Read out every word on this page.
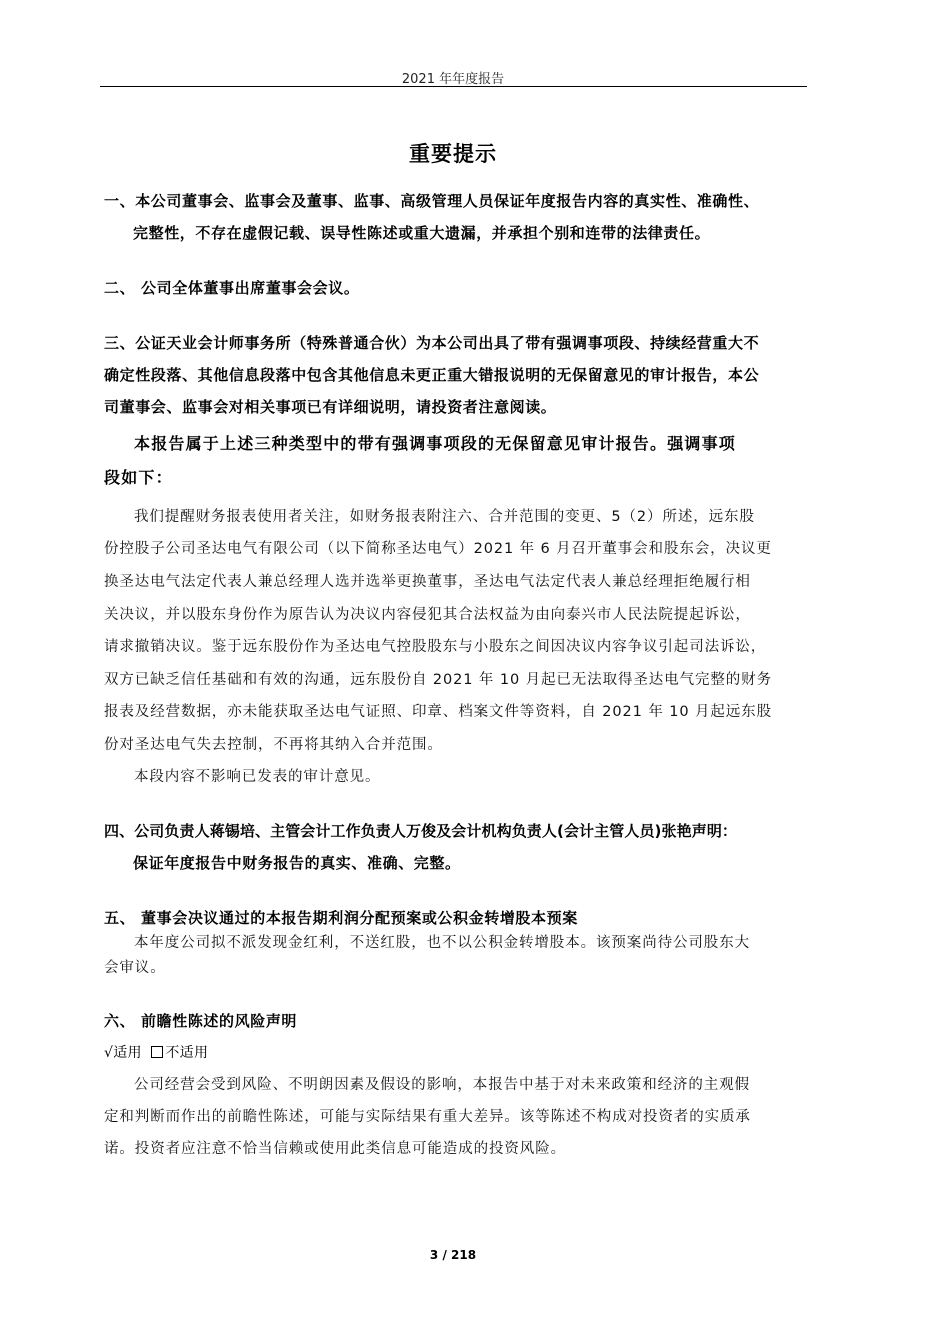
2021 年年度报告
重要提示
一、本公司董事会、监事会及董事、监事、高级管理人员保证年度报告内容的真实性、准确性、
完整性，不存在虚假记载、误导性陈述或重大遗漏，并承担个别和连带的法律责任。
二、 公司全体董事出席董事会会议。
三、公证天业会计师事务所（特殊普通合伙）为本公司出具了带有强调事项段、持续经营重大不
确定性段落、其他信息段落中包含其他信息未更正重大错报说明的无保留意见的审计报告，本公
司董事会、监事会对相关事项已有详细说明，请投资者注意阅读。
本报告属于上述三种类型中的带有强调事项段的无保留意见审计报告。强调事项
段如下：
我们提醒财务报表使用者关注，如财务报表附注六、合并范围的变更、5（2）所述，远东股
份控股子公司圣达电气有限公司（以下简称圣达电气）2021 年 6 月召开董事会和股东会，决议更
换圣达电气法定代表人兼总经理人选并选举更换董事，圣达电气法定代表人兼总经理拒绝履行相
关决议，并以股东身份作为原告认为决议内容侵犯其合法权益为由向泰兴市人民法院提起诉讼，
请求撤销决议。鉴于远东股份作为圣达电气控股股东与小股东之间因决议内容争议引起司法诉讼，
双方已缺乏信任基础和有效的沟通，远东股份自 2021 年 10 月起已无法取得圣达电气完整的财务
报表及经营数据，亦未能获取圣达电气证照、印章、档案文件等资料，自 2021 年 10 月起远东股
份对圣达电气失去控制，不再将其纳入合并范围。
本段内容不影响已发表的审计意见。
四、公司负责人蒋锡培、主管会计工作负责人万俊及会计机构负责人(会计主管人员)张艳声明：
保证年度报告中财务报告的真实、准确、完整。
五、 董事会决议通过的本报告期利润分配预案或公积金转增股本预案
本年度公司拟不派发现金红利，不送红股，也不以公积金转增股本。该预案尚待公司股东大
会审议。
六、 前瞻性陈述的风险声明
√适用 不适用
公司经营会受到风险、不明朗因素及假设的影响，本报告中基于对未来政策和经济的主观假
定和判断而作出的前瞻性陈述，可能与实际结果有重大差异。该等陈述不构成对投资者的实质承
诺。投资者应注意不恰当信赖或使用此类信息可能造成的投资风险。
3 / 218
